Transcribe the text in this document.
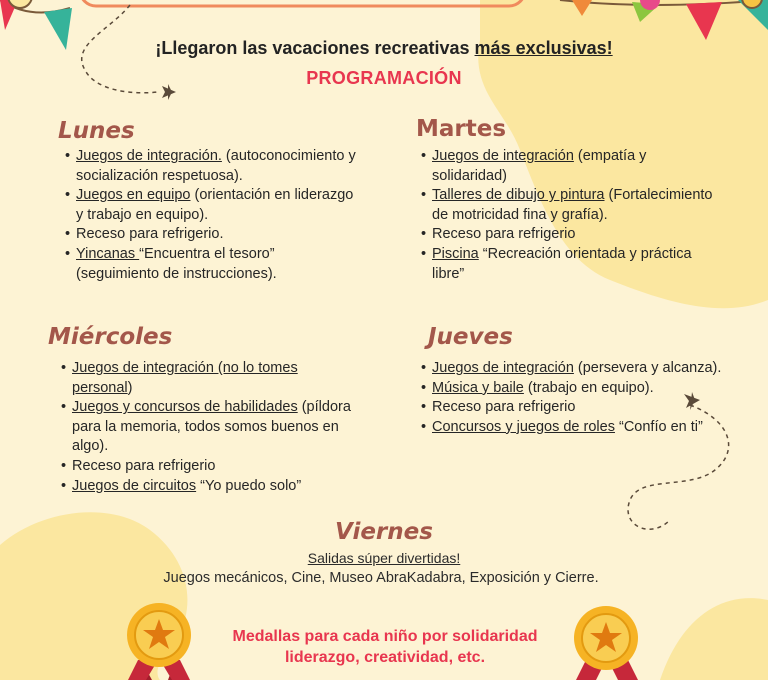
¡Llegaron las vacaciones recreativas más exclusivas!
PROGRAMACIÓN
Lunes
• Juegos de integración. (autoconocimiento y socialización respetuosa).
• Juegos en equipo (orientación en liderazgo y trabajo en equipo).
• Receso para refrigerio.
• Yincanas “Encuentra el tesoro” (seguimiento de instrucciones).
Martes
• Juegos de integración (empatía y solidaridad)
• Talleres de dibujo y pintura (Fortalecimiento de motricidad fina y grafía).
• Receso para refrigerio
• Piscina “Recreación orientada y práctica libre”
Miércoles
• Juegos de integración (no lo tomes personal)
• Juegos y concursos de habilidades (píldora para la memoria, todos somos buenos en algo).
• Receso para refrigerio
• Juegos de circuitos “Yo puedo solo”
Jueves
• Juegos de integración (persevera y alcanza).
• Música y baile (trabajo en equipo).
• Receso para refrigerio
• Concursos y juegos de roles “Confío en ti”
Viernes
Salidas súper divertidas!
Juegos mecánicos, Cine, Museo AbraKadabra, Exposición y Cierre.
Medallas para cada niño por solidaridad
liderazgo, creatividad, etc.
